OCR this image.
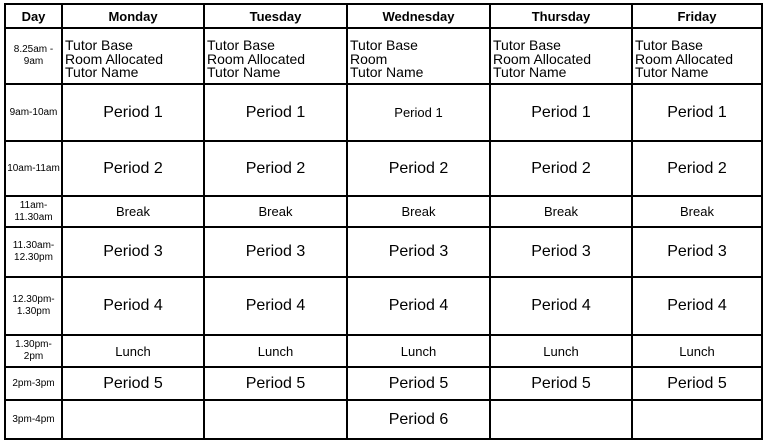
Day	Monday	Tuesday	Wednesday	Thursday	Friday
8.25am -
9am	Tutor Base
Room Allocated
Tutor Name	Tutor Base
Room Allocated
Tutor Name	Tutor Base
Room
Tutor Name	Tutor Base
Room Allocated
Tutor Name	Tutor Base
Room Allocated
Tutor Name

9am-10am	Period 1	Period 1	Period 1	Period 1	Period 1
10am-11am	Period 2	Period 2	Period 2	Period 2	Period 2
11am-
11.30am	Break	Break	Break	Break	Break
11.30am-
12.30pm	Period 3	Period 3	Period 3	Period 3	Period 3
12.30pm-
1.30pm	Period 4	Period 4	Period 4	Period 4	Period 4
1.30pm-
2pm	Lunch	Lunch	Lunch	Lunch	Lunch
2pm-3pm	Period 5	Period 5	Period 5	Period 5	Period 5
3pm-4pm			Period 6		
